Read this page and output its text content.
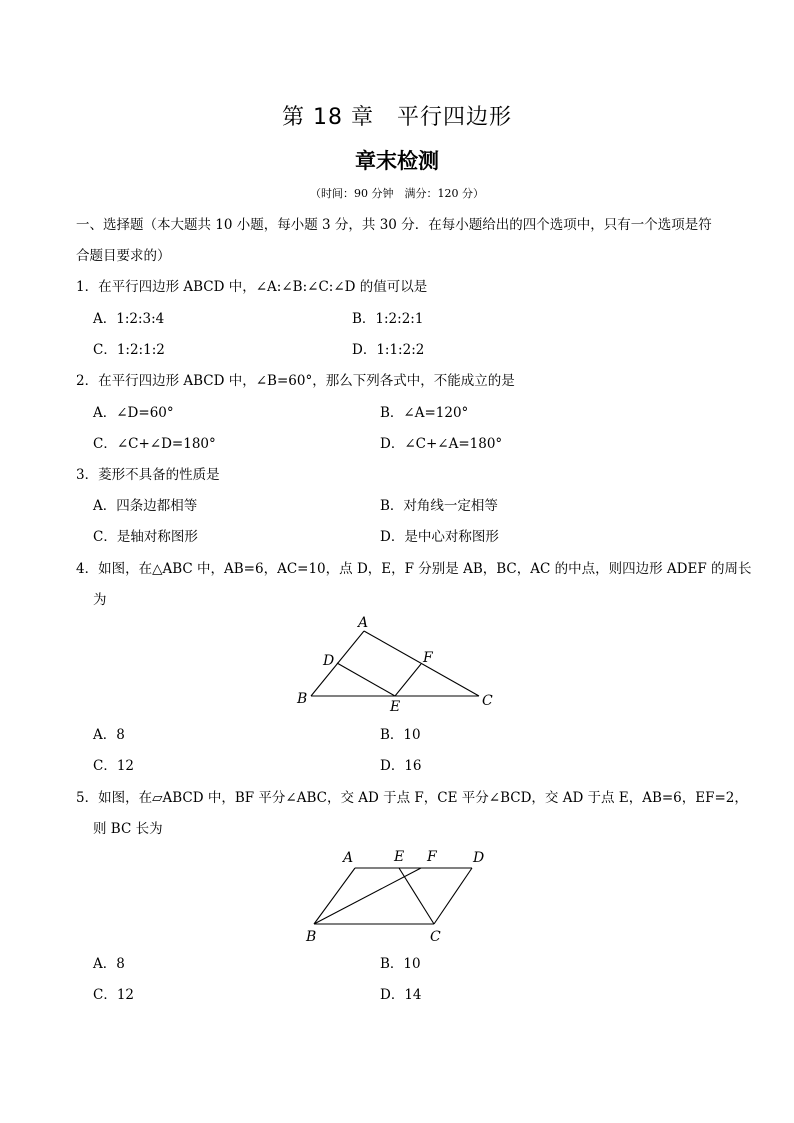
第 18 章　平行四边形
章末检测
（时间：90 分钟　满分：120 分）
一、选择题（本大题共 10 小题，每小题 3 分，共 30 分．在每小题给出的四个选项中，只有一个选项是符
合题目要求的）
1．在平行四边形 ABCD 中，∠A:∠B:∠C:∠D 的值可以是
A．1:2:3:4	B．1:2:2:1
C．1:2:1:2	D．1:1:2:2
2．在平行四边形 ABCD 中，∠B=60°，那么下列各式中，不能成立的是
A．∠D=60°	B．∠A=120°
C．∠C+∠D=180°	D．∠C+∠A=180°
3．菱形不具备的性质是
A．四条边都相等	B．对角线一定相等
C．是轴对称图形	D．是中心对称图形
4．如图，在△ABC 中，AB=6，AC=10，点 D，E，F 分别是 AB，BC，AC 的中点，则四边形 ADEF 的周长
为
A
B	C
D
E
F
A．8	B．10
C．12	D．16
5．如图，在▱ABCD 中，BF 平分∠ABC，交 AD 于点 F，CE 平分∠BCD，交 AD 于点 E，AB=6，EF=2，
则 BC 长为
A
B	C
D
E F
A．8	B．10
C．12	D．14
